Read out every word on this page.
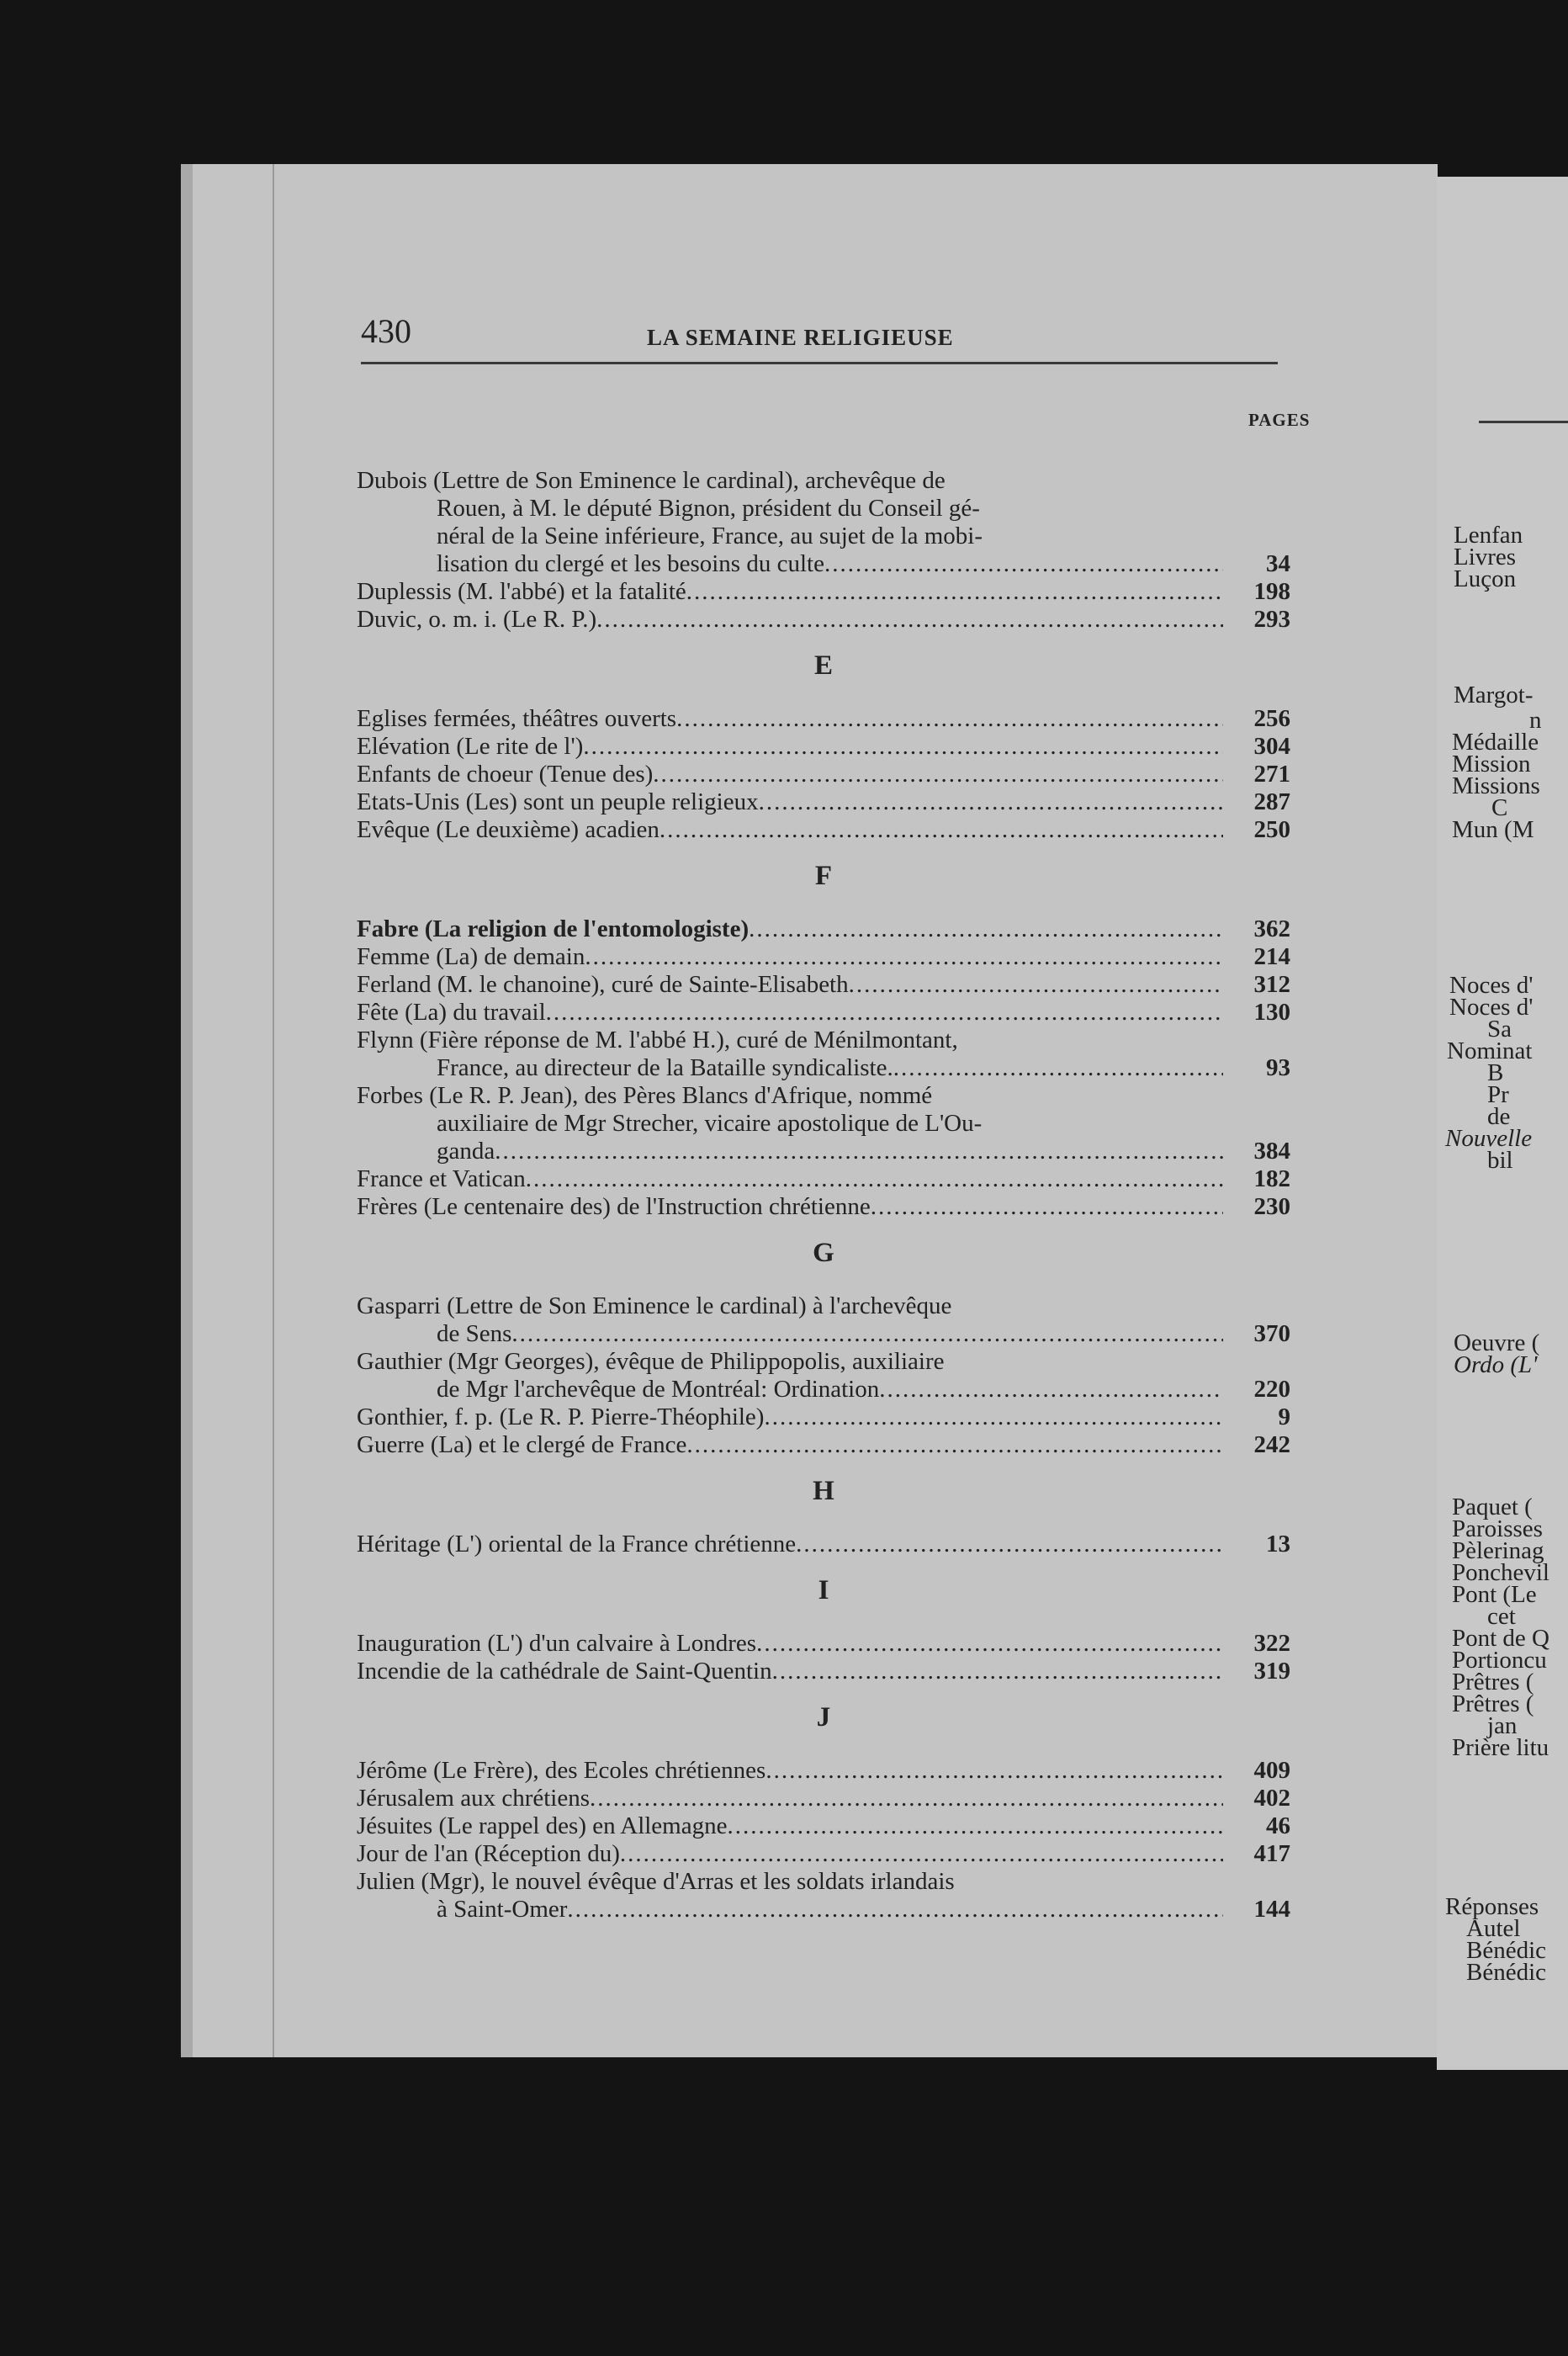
430	LA SEMAINE RELIGIEUSE
PAGES
Dubois (Lettre de Son Eminence le cardinal), archevêque de
Rouen, à M. le député Bignon, président du Conseil gé-
néral de la Seine inférieure, France, au sujet de la mobi-
lisation du clergé et les besoins du culte .....	34
Duplessis (M. l'abbé) et la fatalité .....	198
Duvic, o. m. i. (Le R. P.) .....	293
E
Eglises fermées, théâtres ouverts .....	256
Elévation (Le rite de l') .....	304
Enfants de choeur (Tenue des) .....	271
Etats-Unis (Les) sont un peuple religieux .....	287
Evêque (Le deuxième) acadien .....	250
F
Fabre (La religion de l'entomologiste) .....	362
Femme (La) de demain .....	214
Ferland (M. le chanoine), curé de Sainte-Elisabeth .....	312
Fête (La) du travail .....	130
Flynn (Fière réponse de M. l'abbé H.), curé de Ménilmontant,
France, au directeur de la Bataille syndicaliste. .....	93
Forbes (Le R. P. Jean), des Pères Blancs d'Afrique, nommé
auxiliaire de Mgr Strecher, vicaire apostolique de L'Ou-
ganda .....	384
France et Vatican .....	182
Frères (Le centenaire des) de l'Instruction chrétienne .....	230
G
Gasparri (Lettre de Son Eminence le cardinal) à l'archevêque
de Sens .....	370
Gauthier (Mgr Georges), évêque de Philippopolis, auxiliaire
de Mgr l'archevêque de Montréal: Ordination .....	220
Gonthier, f. p. (Le R. P. Pierre-Théophile) .....	9
Guerre (La) et le clergé de France .....	242
H
Héritage (L') oriental de la France chrétienne .....	13
I
Inauguration (L') d'un calvaire à Londres .....	322
Incendie de la cathédrale de Saint-Quentin .....	319
J
Jérôme (Le Frère), des Ecoles chrétiennes .....	409
Jérusalem aux chrétiens .....	402
Jésuites (Le rappel des) en Allemagne .....	46
Jour de l'an (Réception du) .....	417
Julien (Mgr), le nouvel évêque d'Arras et les soldats irlandais
à Saint-Omer .....	144
Lenfan
Livres
Luçon
Margot-
n
Médaille
Mission
Missions
C
Mun (M
Noces d'
Noces d'
Sa
Nominat
B
Pr
de
Nouvelle
bil
Oeuvre (
Ordo (L'
Paquet (
Paroisses
Pèlerinag
Ponchevil
Pont (Le
cet
Pont de Q
Portioncu
Prêtres (
Prêtres (
jan
Prière litu
Réponses
Autel
Bénédic
Bénédic
